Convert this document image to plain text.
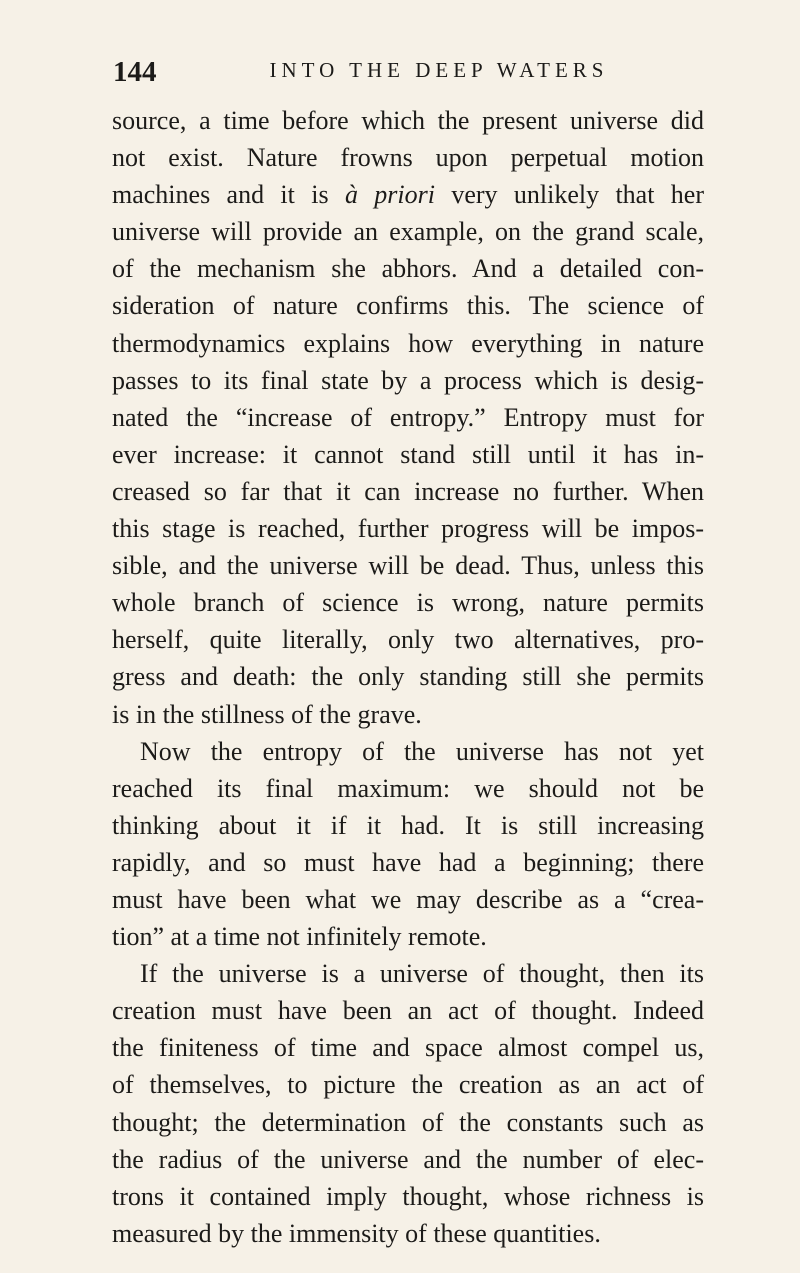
144	INTO THE DEEP WATERS
source, a time before which the present universe did
not exist. Nature frowns upon perpetual motion
machines and it is à priori very unlikely that her
universe will provide an example, on the grand scale,
of the mechanism she abhors. And a detailed con-
sideration of nature confirms this. The science of
thermodynamics explains how everything in nature
passes to its final state by a process which is desig-
nated the “increase of entropy.” Entropy must for
ever increase: it cannot stand still until it has in-
creased so far that it can increase no further. When
this stage is reached, further progress will be impos-
sible, and the universe will be dead. Thus, unless this
whole branch of science is wrong, nature permits
herself, quite literally, only two alternatives, pro-
gress and death: the only standing still she permits
is in the stillness of the grave.
Now the entropy of the universe has not yet
reached its final maximum: we should not be
thinking about it if it had. It is still increasing
rapidly, and so must have had a beginning; there
must have been what we may describe as a “crea-
tion” at a time not infinitely remote.
If the universe is a universe of thought, then its
creation must have been an act of thought. Indeed
the finiteness of time and space almost compel us,
of themselves, to picture the creation as an act of
thought; the determination of the constants such as
the radius of the universe and the number of elec-
trons it contained imply thought, whose richness is
measured by the immensity of these quantities.
